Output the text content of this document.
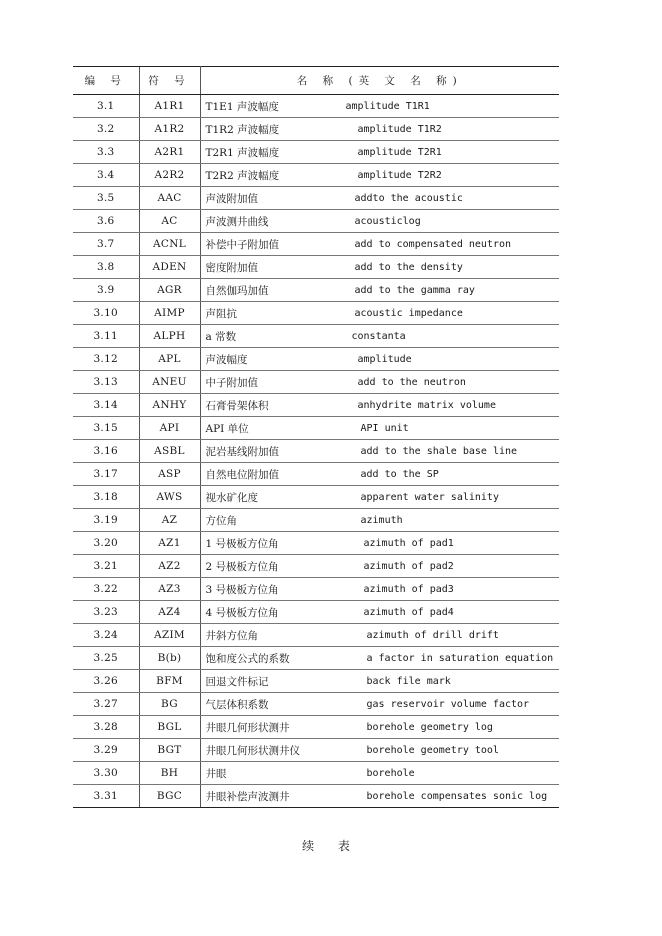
编 号	符 号	名 称 (英 文 名 称)
3.1	A1R1	T1E1 声波幅度 amplitude T1R1
3.2	A1R2	T1R2 声波幅度 amplitude T1R2
3.3	A2R1	T2R1 声波幅度 amplitude T2R1
3.4	A2R2	T2R2 声波幅度 amplitude T2R2
3.5	AAC	声波附加值 addto the acoustic
3.6	AC	声波测井曲线 acousticlog
3.7	ACNL	补偿中子附加值 add to compensated neutron
3.8	ADEN	密度附加值 add to the density
3.9	AGR	自然伽玛加值 add to the gamma ray
3.10	AIMP	声阻抗 acoustic impedance
3.11	ALPH	a 常数 constanta
3.12	APL	声波幅度 amplitude
3.13	ANEU	中子附加值 add to the neutron
3.14	ANHY	石膏骨架体积 anhydrite matrix volume
3.15	API	API 单位 API unit
3.16	ASBL	泥岩基线附加值 add to the shale base line
3.17	ASP	自然电位附加值 add to the SP
3.18	AWS	视水矿化度 apparent water salinity
3.19	AZ	方位角 azimuth
3.20	AZ1	1 号极板方位角 azimuth of pad1
3.21	AZ2	2 号极板方位角 azimuth of pad2
3.22	AZ3	3 号极板方位角 azimuth of pad3
3.23	AZ4	4 号极板方位角 azimuth of pad4
3.24	AZIM	井斜方位角 azimuth of drill drift
3.25	B(b)	饱和度公式的系数 a factor in saturation equation
3.26	BFM	回退文件标记 back file mark
3.27	BG	气层体积系数 gas reservoir volume factor
3.28	BGL	井眼几何形状测井 borehole geometry log
3.29	BGT	井眼几何形状测井仪 borehole geometry tool
3.30	BH	井眼 borehole
3.31	BGC	井眼补偿声波测井 borehole compensates sonic log
续 表
